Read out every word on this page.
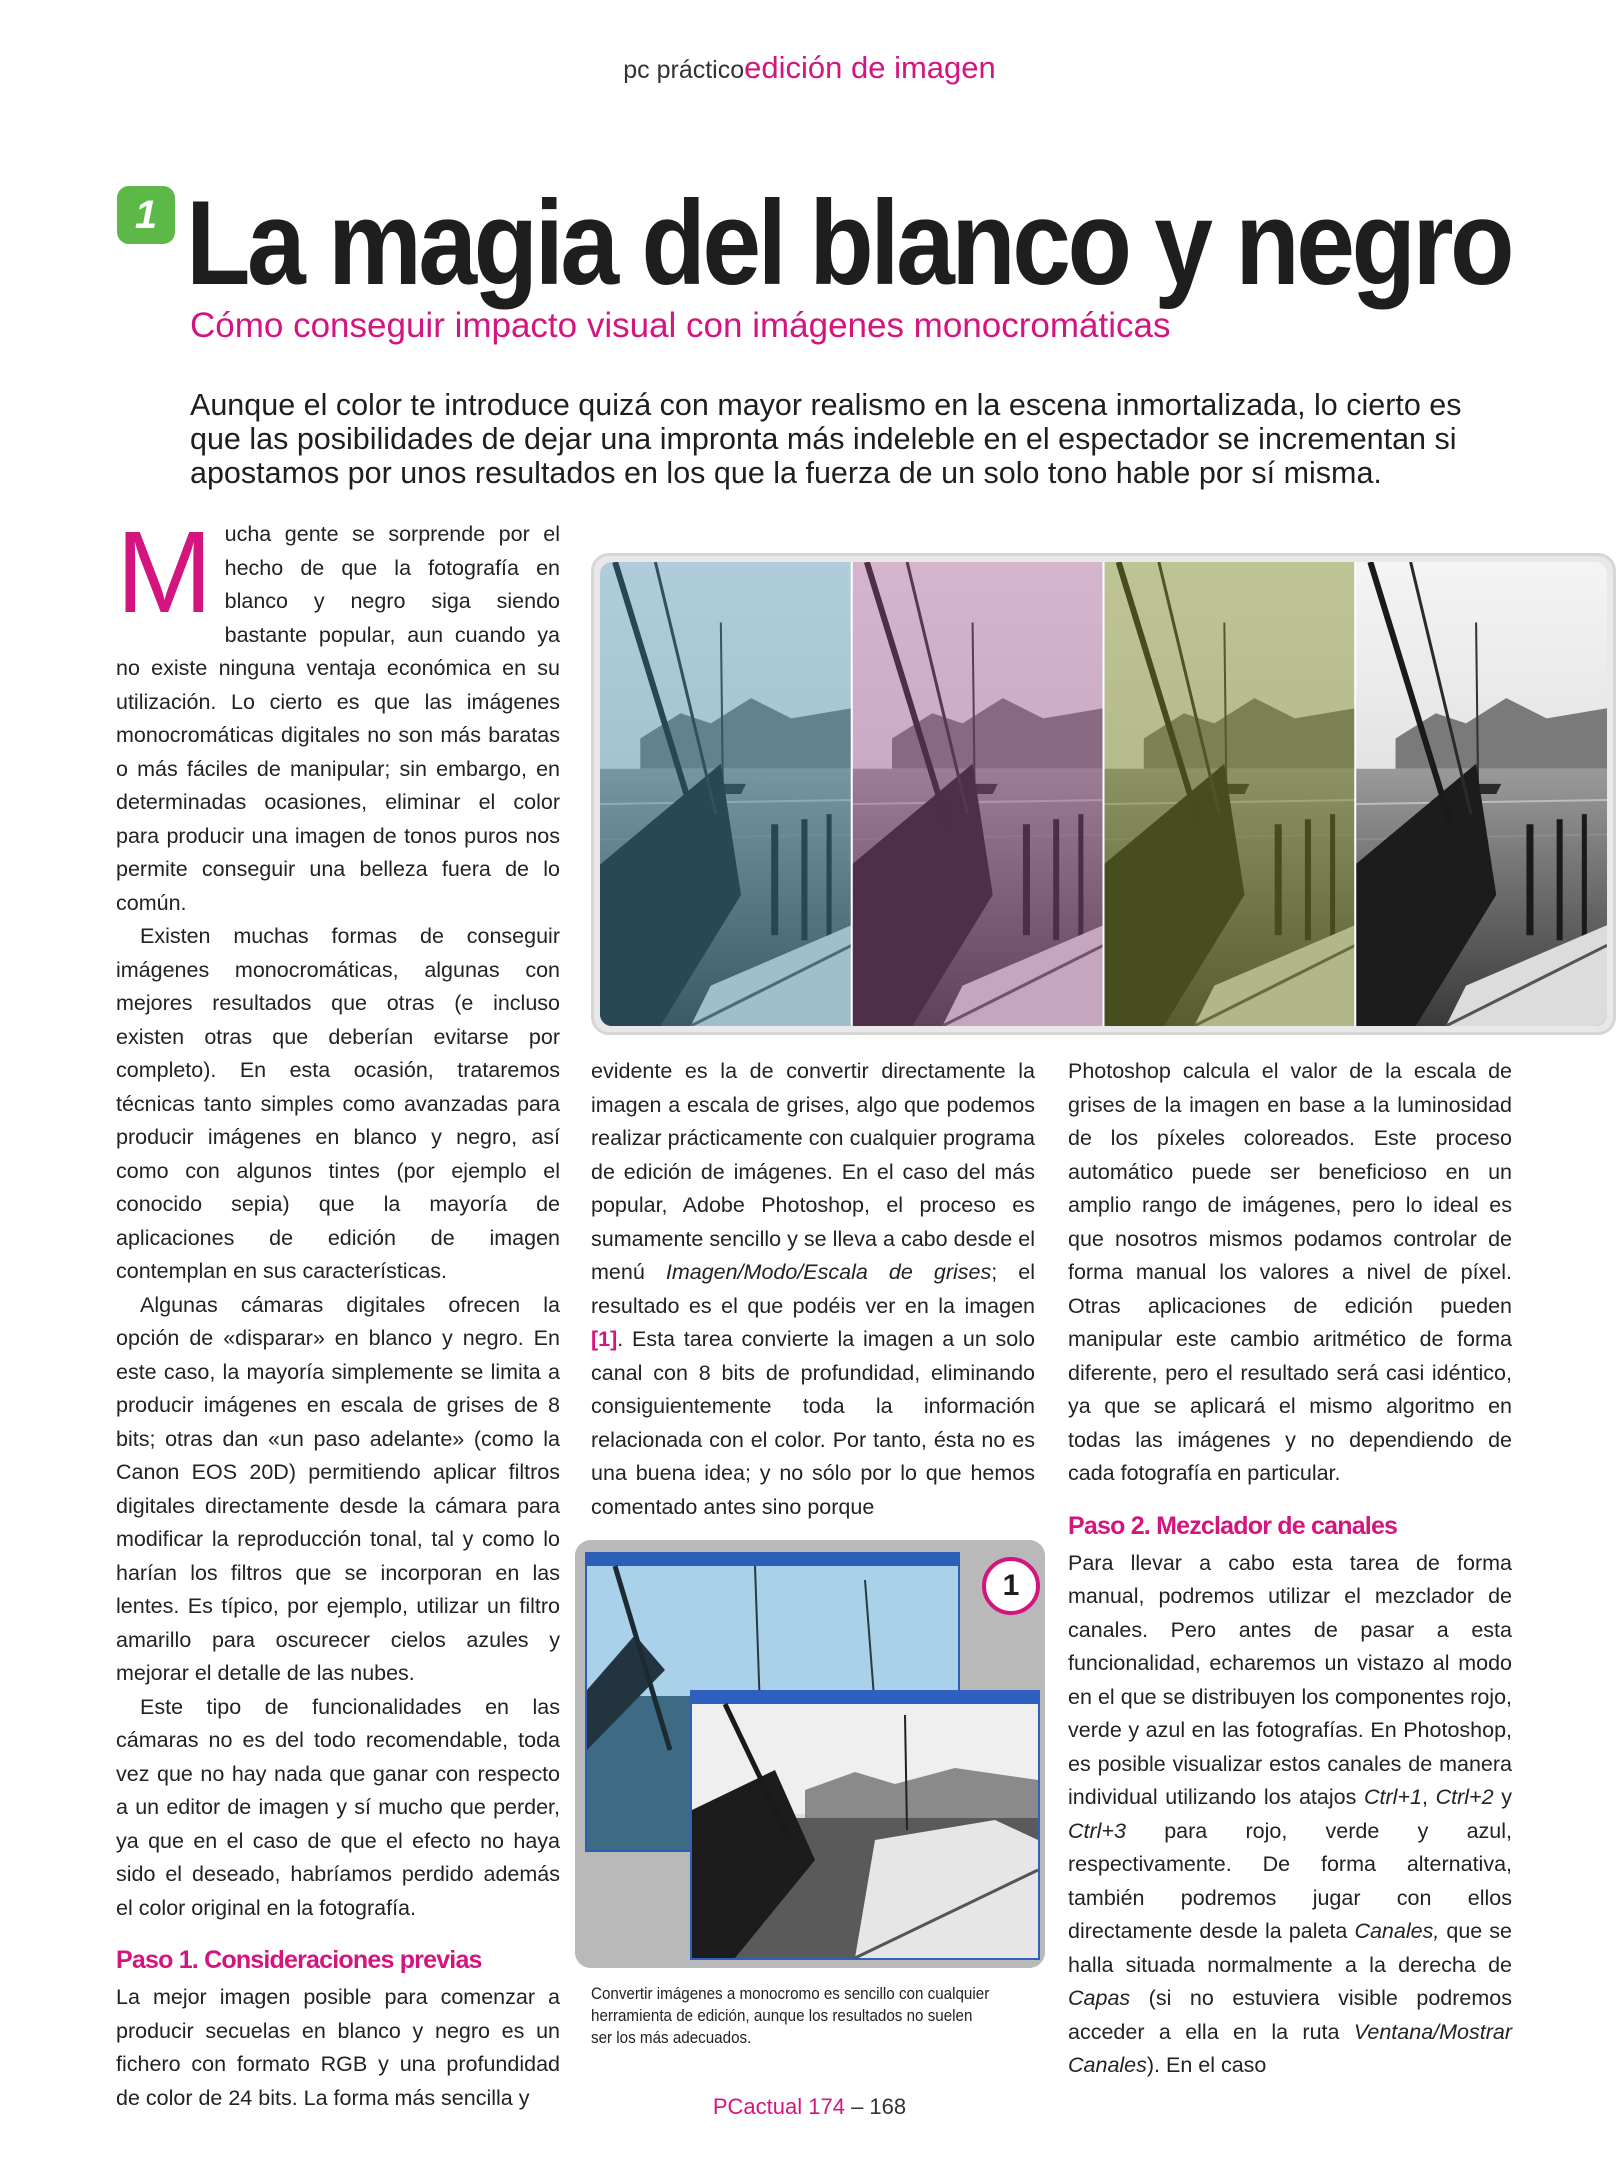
pc prácticoedición de imagen
1 La magia del blanco y negro
Cómo conseguir impacto visual con imágenes monocromáticas
Aunque el color te introduce quizá con mayor realismo en la escena inmortalizada, lo cierto es que las posibilidades de dejar una impronta más indeleble en el espectador se incrementan si apostamos por unos resultados en los que la fuerza de un solo tono hable por sí misma.

Mucha gente se sorprende por el hecho de que la fotografía en blanco y negro siga siendo bastante popular, aun cuando ya no existe ninguna ventaja económica en su utilización. Lo cierto es que las imágenes monocromáticas digitales no son más baratas o más fáciles de manipular; sin embargo, en determinadas ocasiones, eliminar el color para producir una imagen de tonos puros nos permite conseguir una belleza fuera de lo común.

Existen muchas formas de conseguir imágenes monocromáticas, algunas con mejores resultados que otras (e incluso existen otras que deberían evitarse por completo). En esta ocasión, trataremos técnicas tanto simples como avanzadas para producir imágenes en blanco y negro, así como con algunos tintes (por ejemplo el conocido sepia) que la mayoría de aplicaciones de edición de imagen contemplan en sus características.

Algunas cámaras digitales ofrecen la opción de «disparar» en blanco y negro. En este caso, la mayoría simplemente se limita a producir imágenes en escala de grises de 8 bits; otras dan «un paso adelante» (como la Canon EOS 20D) permitiendo aplicar filtros digitales directamente desde la cámara para modificar la reproducción tonal, tal y como lo harían los filtros que se incorporan en las lentes. Es típico, por ejemplo, utilizar un filtro amarillo para oscurecer cielos azules y mejorar el detalle de las nubes.

Este tipo de funcionalidades en las cámaras no es del todo recomendable, toda vez que no hay nada que ganar con respecto a un editor de imagen y sí mucho que perder, ya que en el caso de que el efecto no haya sido el deseado, habríamos perdido además el color original en la fotografía.

Paso 1. Consideraciones previas

La mejor imagen posible para comenzar a producir secuelas en blanco y negro es un fichero con formato RGB y una profundidad de color de 24 bits. La forma más sencilla y

evidente es la de convertir directamente la imagen a escala de grises, algo que podemos realizar prácticamente con cualquier programa de edición de imágenes. En el caso del más popular, Adobe Photoshop, el proceso es sumamente sencillo y se lleva a cabo desde el menú Imagen/Modo/Escala de grises; el resultado es el que podéis ver en la imagen [1]. Esta tarea convierte la imagen a un solo canal con 8 bits de profundidad, eliminando consiguientemente toda la información relacionada con el color. Por tanto, ésta no es una buena idea; y no sólo por lo que hemos comentado antes sino porque

1
Convertir imágenes a monocromo es sencillo con cualquier herramienta de edición, aunque los resultados no suelen ser los más adecuados.

Photoshop calcula el valor de la escala de grises de la imagen en base a la luminosidad de los píxeles coloreados. Este proceso automático puede ser beneficioso en un amplio rango de imágenes, pero lo ideal es que nosotros mismos podamos controlar de forma manual los valores a nivel de píxel. Otras aplicaciones de edición pueden manipular este cambio aritmético de forma diferente, pero el resultado será casi idéntico, ya que se aplicará el mismo algoritmo en todas las imágenes y no dependiendo de cada fotografía en particular.

Paso 2. Mezclador de canales

Para llevar a cabo esta tarea de forma manual, podremos utilizar el mezclador de canales. Pero antes de pasar a esta funcionalidad, echaremos un vistazo al modo en el que se distribuyen los componentes rojo, verde y azul en las fotografías. En Photoshop, es posible visualizar estos canales de manera individual utilizando los atajos Ctrl+1, Ctrl+2 y Ctrl+3 para rojo, verde y azul, respectivamente. De forma alternativa, también podremos jugar con ellos directamente desde la paleta Canales, que se halla situada normalmente a la derecha de Capas (si no estuviera visible podremos acceder a ella en la ruta Ventana/Mostrar Canales). En el caso

PCactual 174 – 168
